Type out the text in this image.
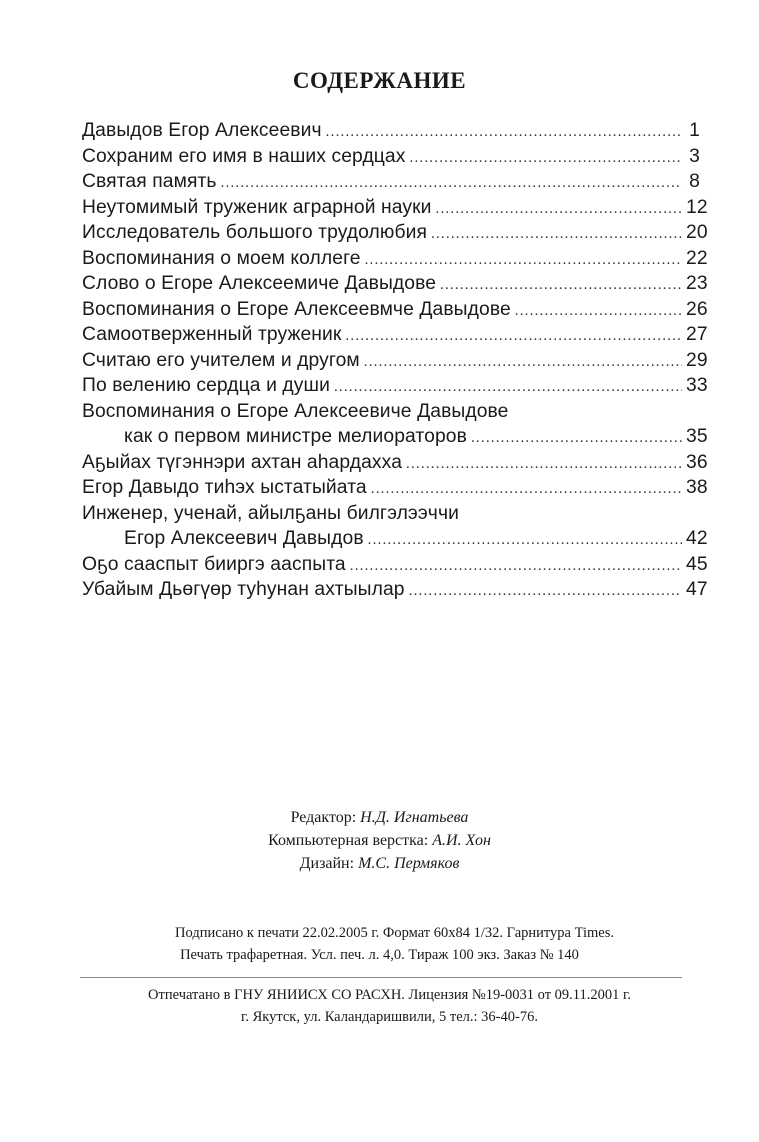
СОДЕРЖАНИЕ
Давыдов Егор Алексеевич .....	1
Сохраним его имя в наших сердцах .....	3
Святая память .....	8
Неутомимый труженик аграрной науки .....	12
Исследователь большого трудолюбия .....	20
Воспоминания о моем коллеге .....	22
Слово о Егоре Алексеемиче Давыдове .....	23
Воспоминания о Егоре Алексеевмче Давыдове .....	26
Самоотверженный труженик .....	27
Считаю его учителем и другом .....	29
По велению сердца и души .....	33
Воспоминания о Егоре Алексеевиче Давыдове
как о первом министре мелиораторов .....	35
Аҕыйах түгэннэри ахтан аһардахха .....	36
Егор Давыдо тиһэх ыстатыйата .....	38
Инженер, ученай, айылҕаны билгэлээччи
Егор Алексеевич Давыдов .....	42
Оҕо сааспыт бииргэ ааспыта .....	45
Убайым Дьөгүөр туһунан ахтыылар .....	47
Редактор: Н.Д. Игнатьева
Компьютерная верстка: А.И. Хон
Дизайн: М.С. Пермяков
Подписано к печати 22.02.2005 г. Формат 60х84 1/32. Гарнитура Times.
Печать трафаретная. Усл. печ. л. 4,0. Тираж 100 экз. Заказ № 140
Отпечатано в ГНУ ЯНИИСХ СО РАСХН. Лицензия №19-0031 от 09.11.2001 г.
г. Якутск, ул. Каландаришвили, 5 тел.: 36-40-76.
